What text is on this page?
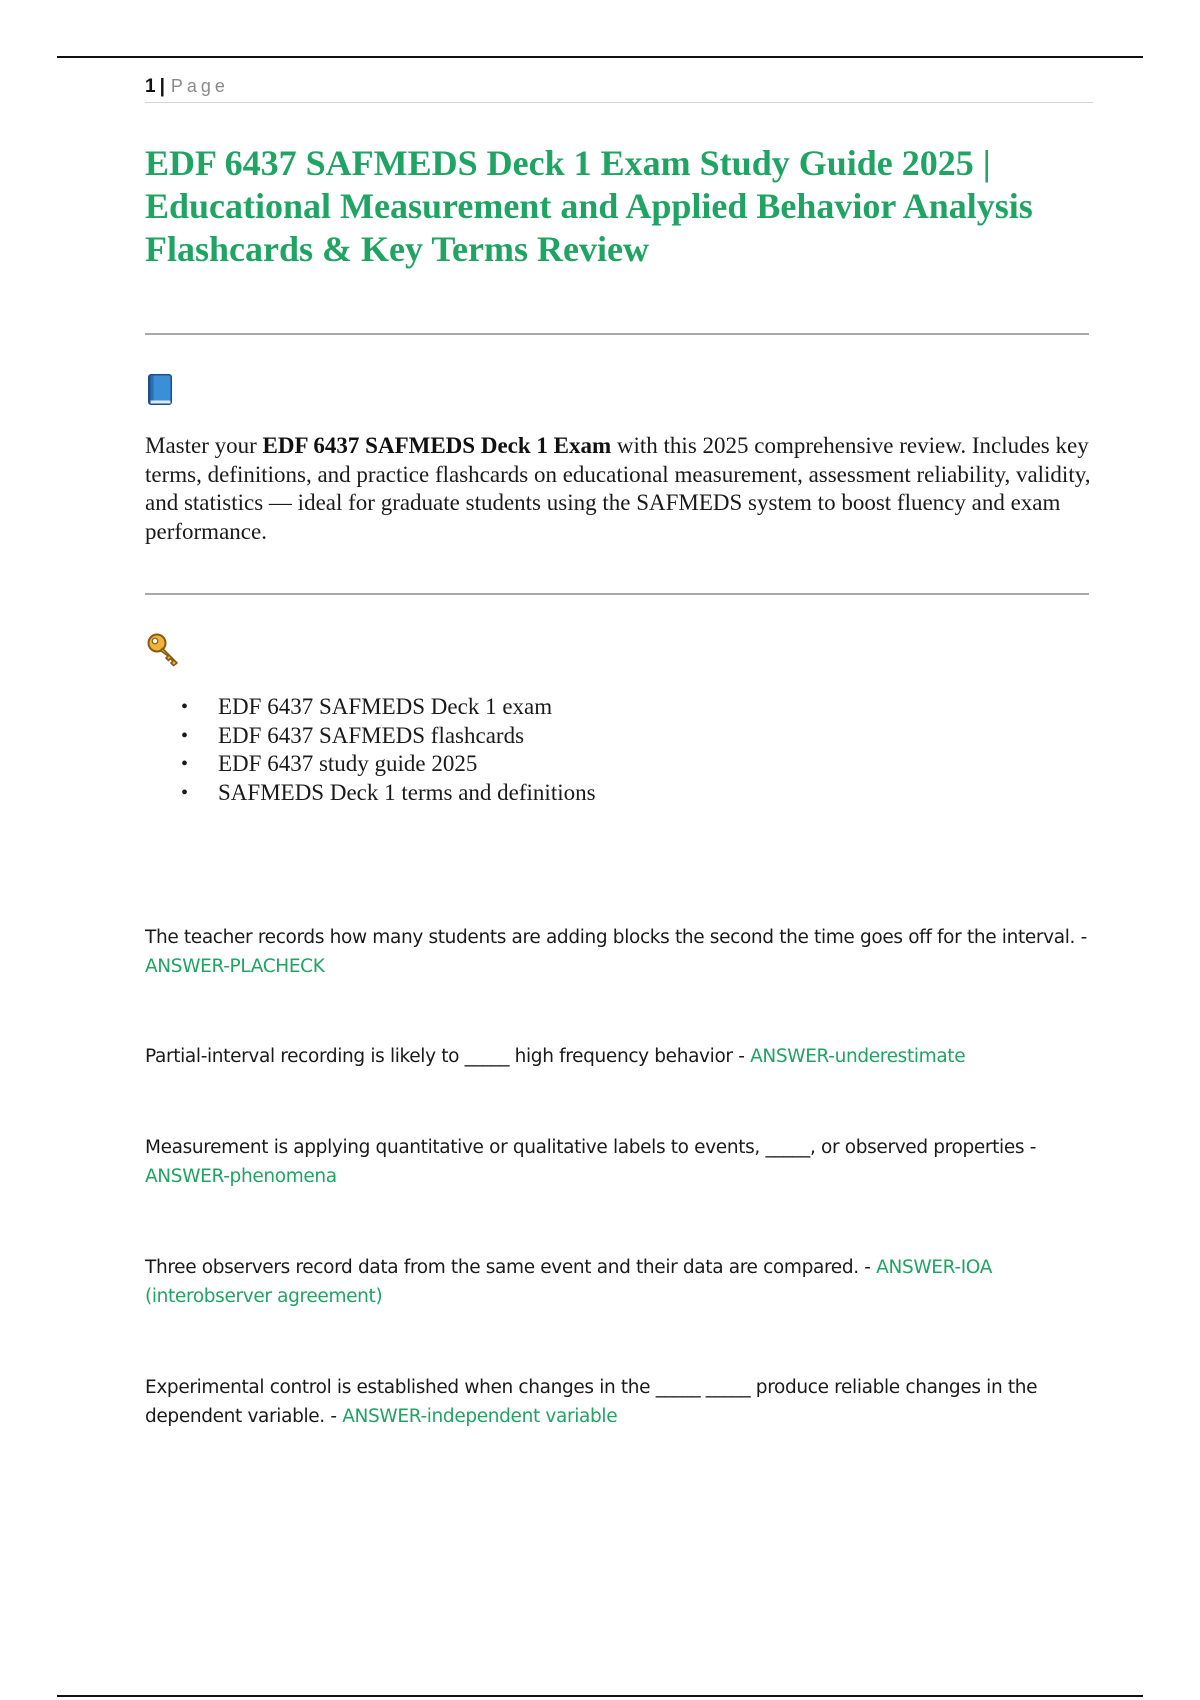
1 | Page
EDF 6437 SAFMEDS Deck 1 Exam Study Guide 2025 | Educational Measurement and Applied Behavior Analysis Flashcards & Key Terms Review

Master your EDF 6437 SAFMEDS Deck 1 Exam with this 2025 comprehensive review. Includes key terms, definitions, and practice flashcards on educational measurement, assessment reliability, validity, and statistics — ideal for graduate students using the SAFMEDS system to boost fluency and exam performance.

• EDF 6437 SAFMEDS Deck 1 exam
• EDF 6437 SAFMEDS flashcards
• EDF 6437 study guide 2025
• SAFMEDS Deck 1 terms and definitions

The teacher records how many students are adding blocks the second the time goes off for the interval. - ANSWER-PLACHECK

Partial-interval recording is likely to _____ high frequency behavior - ANSWER-underestimate

Measurement is applying quantitative or qualitative labels to events, _____, or observed properties - ANSWER-phenomena

Three observers record data from the same event and their data are compared. - ANSWER-IOA (interobserver agreement)

Experimental control is established when changes in the _____ _____ produce reliable changes in the dependent variable. - ANSWER-independent variable
